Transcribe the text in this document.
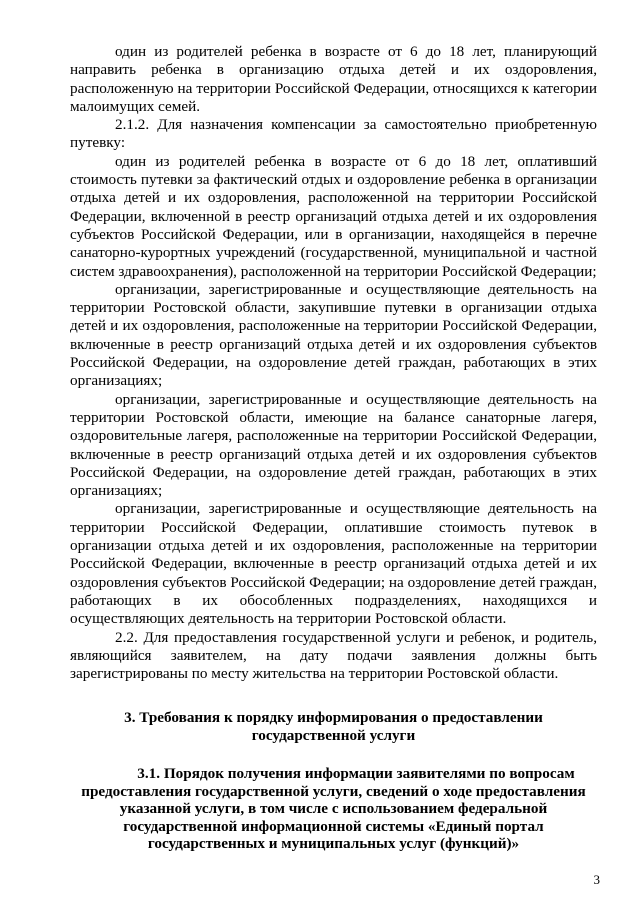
один из родителей ребенка в возрасте от 6 до 18 лет, планирующий направить ребенка в организацию отдыха детей и их оздоровления, расположенную на территории Российской Федерации, относящихся к категории малоимущих семей.

2.1.2. Для назначения компенсации за самостоятельно приобретенную путевку:

один из родителей ребенка в возрасте от 6 до 18 лет, оплативший стоимость путевки за фактический отдых и оздоровление ребенка в организации отдыха детей и их оздоровления, расположенной на территории Российской Федерации, включенной в реестр организаций отдыха детей и их оздоровления субъектов Российской Федерации, или в организации, находящейся в перечне санаторно-курортных учреждений (государственной, муниципальной и частной систем здравоохранения), расположенной на территории Российской Федерации;

организации, зарегистрированные и осуществляющие деятельность на территории Ростовской области, закупившие путевки в организации отдыха детей и их оздоровления, расположенные на территории Российской Федерации, включенные в реестр организаций отдыха детей и их оздоровления субъектов Российской Федерации, на оздоровление детей граждан, работающих в этих организациях;

организации, зарегистрированные и осуществляющие деятельность на территории Ростовской области, имеющие на балансе санаторные лагеря, оздоровительные лагеря, расположенные на территории Российской Федерации, включенные в реестр организаций отдыха детей и их оздоровления субъектов Российской Федерации, на оздоровление детей граждан, работающих в этих организациях;

организации, зарегистрированные и осуществляющие деятельность на территории Российской Федерации, оплатившие стоимость путевок в организации отдыха детей и их оздоровления, расположенные на территории Российской Федерации, включенные в реестр организаций отдыха детей и их оздоровления субъектов Российской Федерации; на оздоровление детей граждан, работающих в их обособленных подразделениях, находящихся и осуществляющих деятельность на территории Ростовской области.

2.2. Для предоставления государственной услуги и ребенок, и родитель, являющийся заявителем, на дату подачи заявления должны быть зарегистрированы по месту жительства на территории Ростовской области.

3. Требования к порядку информирования о предоставлении государственной услуги
3.1. Порядок получения информации заявителями по вопросам предоставления государственной услуги, сведений о ходе предоставления указанной услуги, в том числе с использованием федеральной государственной информационной системы «Единый портал государственных и муниципальных услуг (функций)»
3
